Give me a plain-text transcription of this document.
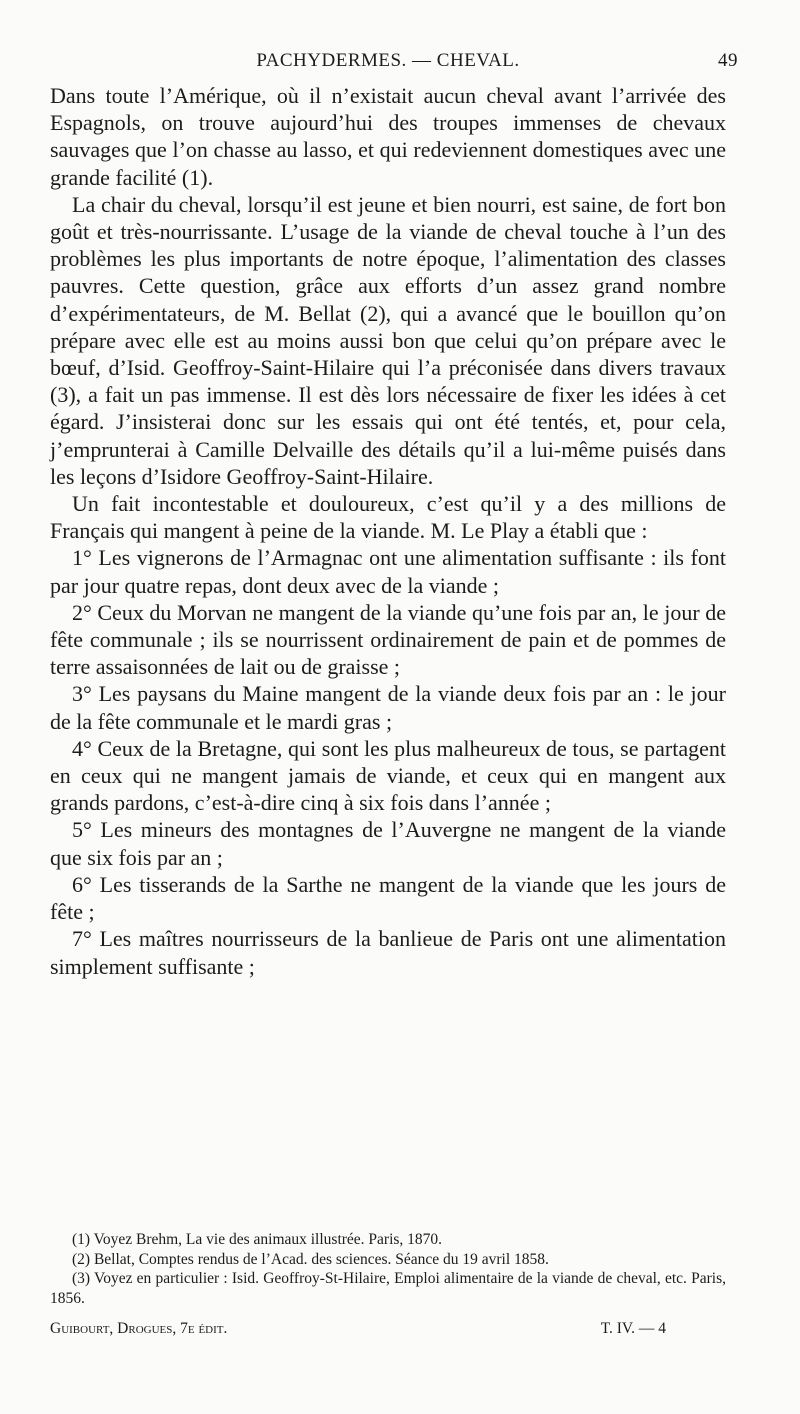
PACHYDERMES. — CHEVAL.	49

Dans toute l’Amérique, où il n’existait aucun cheval avant l’arrivée des Espagnols, on trouve aujourd’hui des troupes immenses de chevaux sauvages que l’on chasse au lasso, et qui redeviennent domestiques avec une grande facilité (1).

La chair du cheval, lorsqu’il est jeune et bien nourri, est saine, de fort bon goût et très-nourrissante. L’usage de la viande de cheval touche à l’un des problèmes les plus importants de notre époque, l’alimentation des classes pauvres. Cette question, grâce aux efforts d’un assez grand nombre d’expérimentateurs, de M. Bellat (2), qui a avancé que le bouillon qu’on prépare avec elle est au moins aussi bon que celui qu’on prépare avec le bœuf, d’Isid. Geoffroy-Saint-Hilaire qui l’a préconisée dans divers travaux (3), a fait un pas immense. Il est dès lors nécessaire de fixer les idées à cet égard. J’insisterai donc sur les essais qui ont été tentés, et, pour cela, j’emprunterai à Camille Delvaille des détails qu’il a lui-même puisés dans les leçons d’Isidore Geoffroy-Saint-Hilaire.

Un fait incontestable et douloureux, c’est qu’il y a des millions de Français qui mangent à peine de la viande. M. Le Play a établi que :

1° Les vignerons de l’Armagnac ont une alimentation suffisante : ils font par jour quatre repas, dont deux avec de la viande ;

2° Ceux du Morvan ne mangent de la viande qu’une fois par an, le jour de fête communale ; ils se nourrissent ordinairement de pain et de pommes de terre assaisonnées de lait ou de graisse ;

3° Les paysans du Maine mangent de la viande deux fois par an : le jour de la fête communale et le mardi gras ;

4° Ceux de la Bretagne, qui sont les plus malheureux de tous, se partagent en ceux qui ne mangent jamais de viande, et ceux qui en mangent aux grands pardons, c’est-à-dire cinq à six fois dans l’année ;

5° Les mineurs des montagnes de l’Auvergne ne mangent de la viande que six fois par an ;

6° Les tisserands de la Sarthe ne mangent de la viande que les jours de fête ;

7° Les maîtres nourrisseurs de la banlieue de Paris ont une alimentation simplement suffisante ;

(1) Voyez Brehm, La vie des animaux illustrée. Paris, 1870.

(2) Bellat, Comptes rendus de l’Acad. des sciences. Séance du 19 avril 1858.

(3) Voyez en particulier : Isid. Geoffroy-St-Hilaire, Emploi alimentaire de la viande de cheval, etc. Paris, 1856.

Guibourt, Drogues, 7e édit.	T. IV. — 4
